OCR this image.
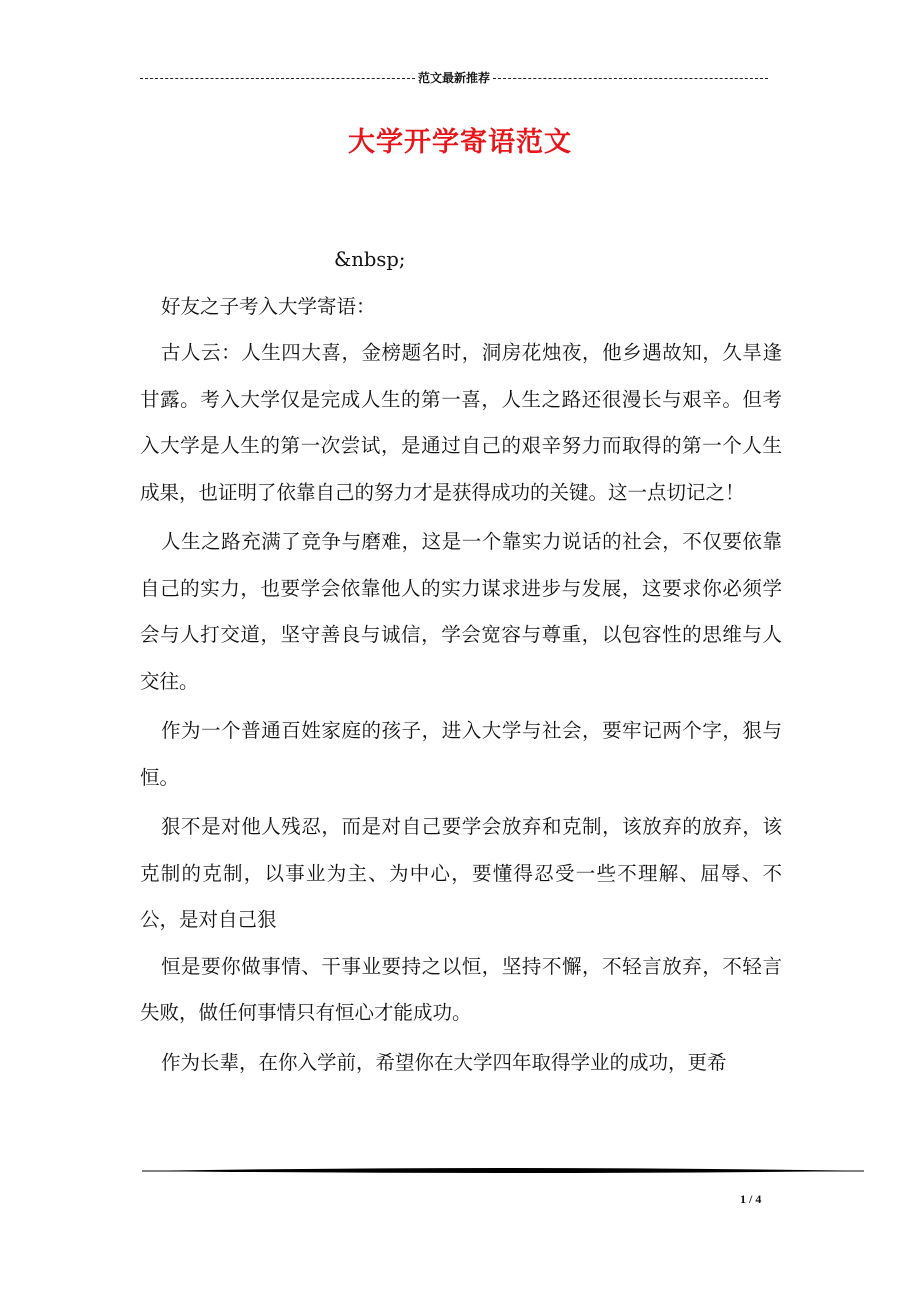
范文最新推荐
大学开学寄语范文

&nbsp;

好友之子考入大学寄语：

古人云：人生四大喜，金榜题名时，洞房花烛夜，他乡遇故知，久旱逢甘露。考入大学仅是完成人生的第一喜，人生之路还很漫长与艰辛。但考入大学是人生的第一次尝试，是通过自己的艰辛努力而取得的第一个人生成果，也证明了依靠自己的努力才是获得成功的关键。这一点切记之！

人生之路充满了竞争与磨难，这是一个靠实力说话的社会，不仅要依靠自己的实力，也要学会依靠他人的实力谋求进步与发展，这要求你必须学会与人打交道，坚守善良与诚信，学会宽容与尊重，以包容性的思维与人交往。

作为一个普通百姓家庭的孩子，进入大学与社会，要牢记两个字，狠与恒。

狠不是对他人残忍，而是对自己要学会放弃和克制，该放弃的放弃，该克制的克制，以事业为主、为中心，要懂得忍受一些不理解、屈辱、不公，是对自己狠

恒是要你做事情、干事业要持之以恒，坚持不懈，不轻言放弃，不轻言失败，做任何事情只有恒心才能成功。

作为长辈，在你入学前，希望你在大学四年取得学业的成功，更希

1 / 4
